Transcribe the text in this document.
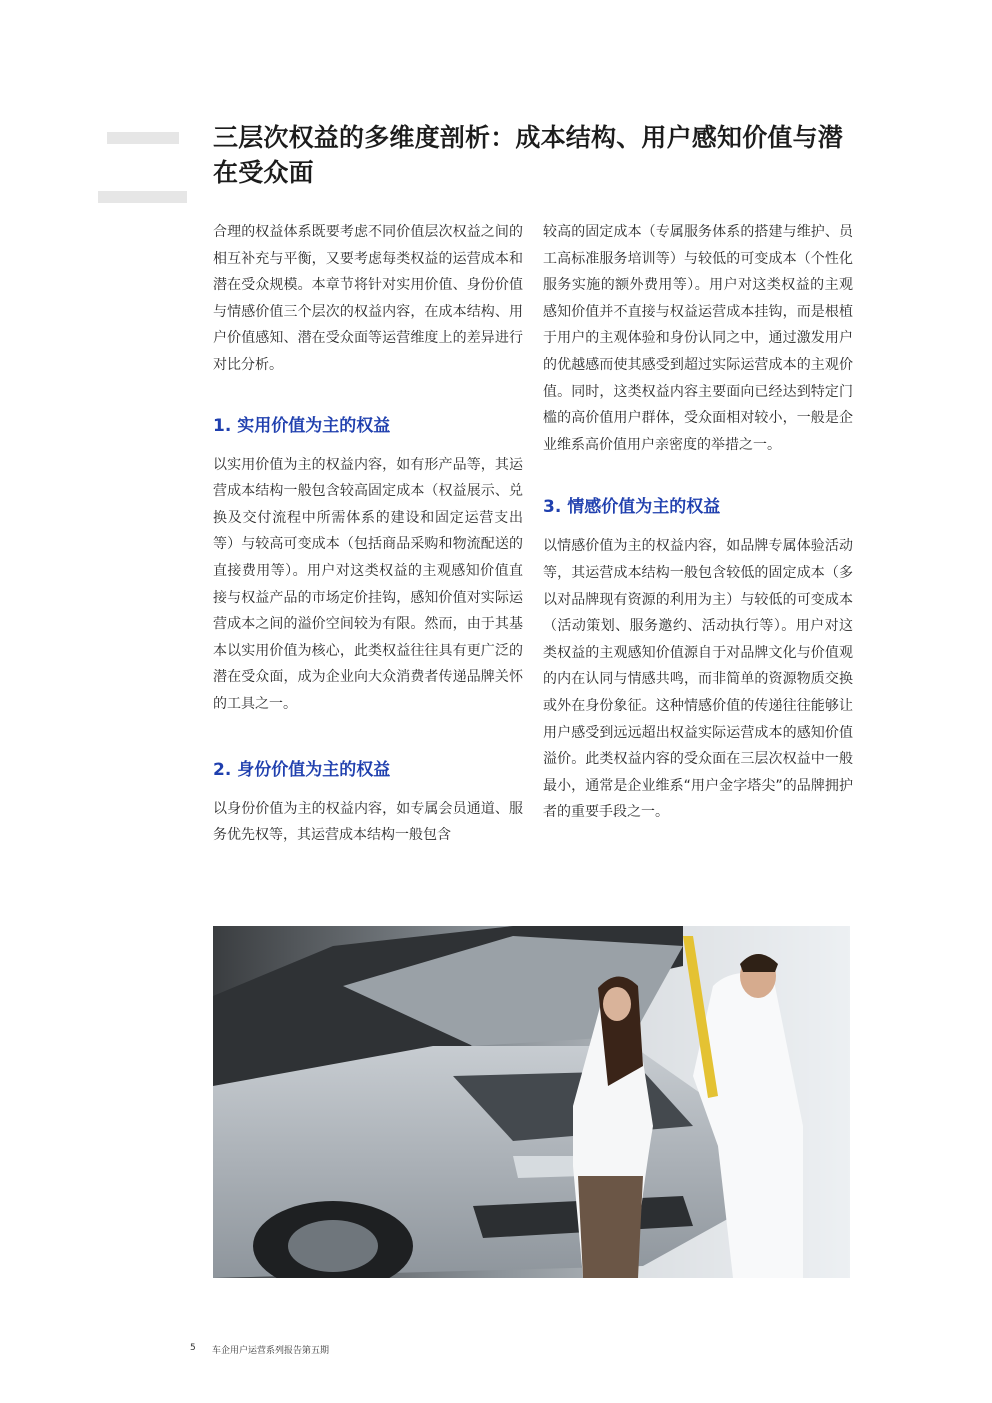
三层次权益的多维度剖析：成本结构、用户感知价值与潜在受众面

合理的权益体系既要考虑不同价值层次权益之间的相互补充与平衡，又要考虑每类权益的运营成本和潜在受众规模。本章节将针对实用价值、身份价值与情感价值三个层次的权益内容，在成本结构、用户价值感知、潜在受众面等运营维度上的差异进行对比分析。

1. 实用价值为主的权益

以实用价值为主的权益内容，如有形产品等，其运营成本结构一般包含较高固定成本（权益展示、兑换及交付流程中所需体系的建设和固定运营支出等）与较高可变成本（包括商品采购和物流配送的直接费用等）。用户对这类权益的主观感知价值直接与权益产品的市场定价挂钩，感知价值对实际运营成本之间的溢价空间较为有限。然而，由于其基本以实用价值为核心，此类权益往往具有更广泛的潜在受众面，成为企业向大众消费者传递品牌关怀的工具之一。

2. 身份价值为主的权益

以身份价值为主的权益内容，如专属会员通道、服务优先权等，其运营成本结构一般包含

较高的固定成本（专属服务体系的搭建与维护、员工高标准服务培训等）与较低的可变成本（个性化服务实施的额外费用等）。用户对这类权益的主观感知价值并不直接与权益运营成本挂钩，而是根植于用户的主观体验和身份认同之中，通过激发用户的优越感而使其感受到超过实际运营成本的主观价值。同时，这类权益内容主要面向已经达到特定门槛的高价值用户群体，受众面相对较小，一般是企业维系高价值用户亲密度的举措之一。

3. 情感价值为主的权益

以情感价值为主的权益内容，如品牌专属体验活动等，其运营成本结构一般包含较低的固定成本（多以对品牌现有资源的利用为主）与较低的可变成本（活动策划、服务邀约、活动执行等）。用户对这类权益的主观感知价值源自于对品牌文化与价值观的内在认同与情感共鸣，而非简单的资源物质交换或外在身份象征。这种情感价值的传递往往能够让用户感受到远远超出权益实际运营成本的感知价值溢价。此类权益内容的受众面在三层次权益中一般最小，通常是企业维系“用户金字塔尖”的品牌拥护者的重要手段之一。

5 车企用户运营系列报告第五期
